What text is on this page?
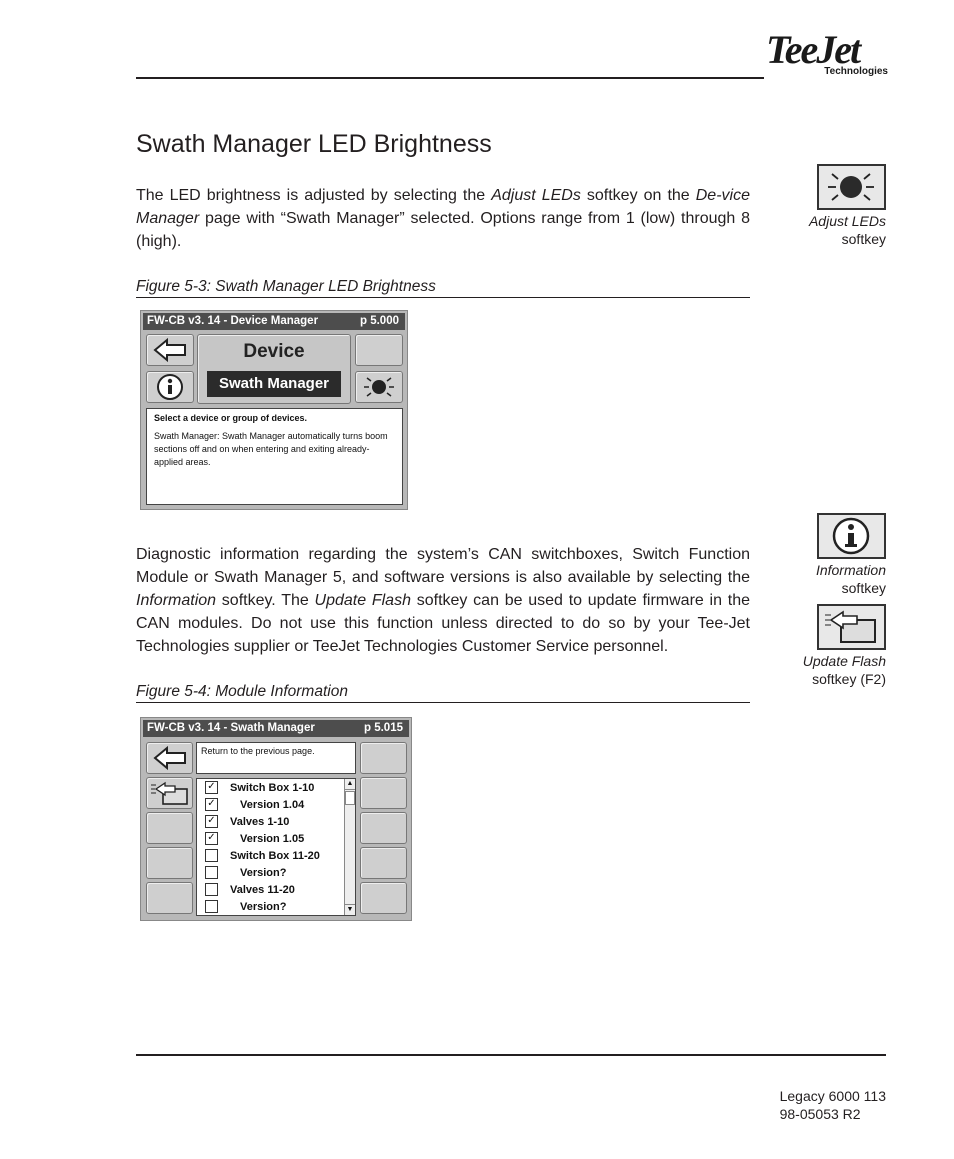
TeeJet
Technologies
Swath Manager LED Brightness
The LED brightness is adjusted by selecting the Adjust LEDs softkey on the De-vice Manager page with “Swath Manager” selected. Options range from 1 (low) through 8 (high).
Figure 5-3: Swath Manager LED Brightness
FW-CB v3. 14 - Device Manager	p 5.000
Device
Swath Manager
Select a device or group of devices.
Swath Manager: Swath Manager automatically turns boom sections off and on when entering and exiting already-applied areas.
Adjust LEDs
softkey
Information
softkey
Update Flash
softkey (F2)
Diagnostic information regarding the system’s CAN switchboxes, Switch Function Module or Swath Manager 5, and software versions is also available by selecting the Information softkey. The Update Flash softkey can be used to update firmware in the CAN modules. Do not use this function unless directed to do so by your Tee-Jet Technologies supplier or TeeJet Technologies Customer Service personnel.
Figure 5-4: Module Information
FW-CB v3. 14 - Swath Manager	p 5.015
Return to the previous page.
✓ Switch Box 1-10
✓ Version 1.04
✓ Valves 1-10
✓ Version 1.05
Switch Box 11-20
Version?
Valves 11-20
Version?
▲
▼
Legacy 6000 113
98-05053 R2
